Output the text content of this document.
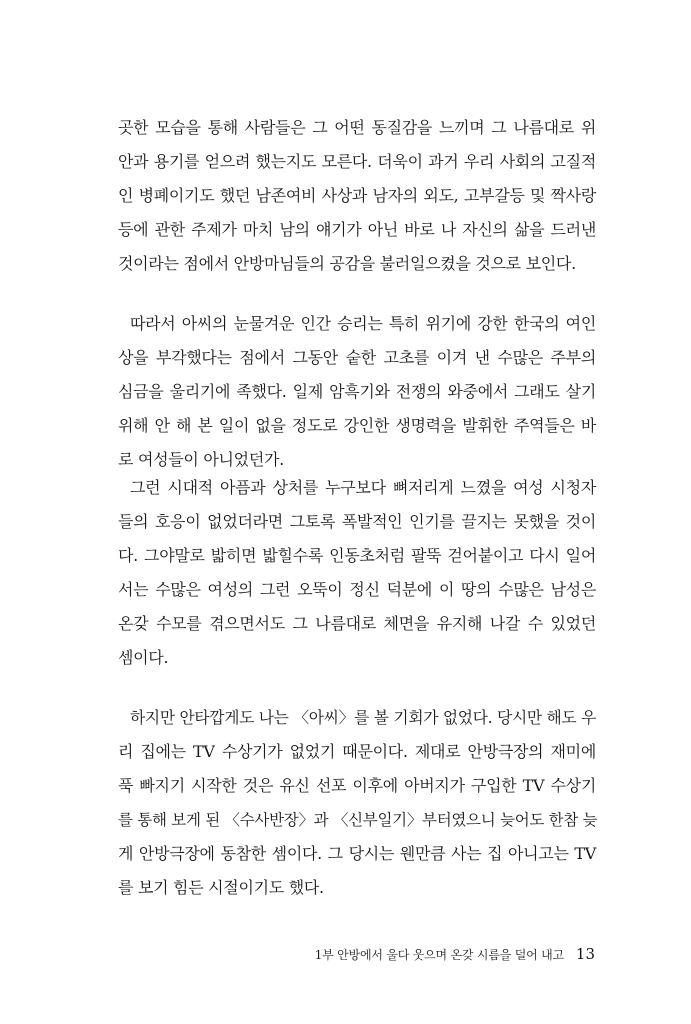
곳한 모습을 통해 사람들은 그 어떤 동질감을 느끼며 그 나름대로 위
안과 용기를 얻으려 했는지도 모른다. 더욱이 과거 우리 사회의 고질적
인 병폐이기도 했던 남존여비 사상과 남자의 외도, 고부갈등 및 짝사랑
등에 관한 주제가 마치 남의 얘기가 아닌 바로 나 자신의 삶을 드러낸
것이라는 점에서 안방마님들의 공감을 불러일으켰을 것으로 보인다.
따라서 아씨의 눈물겨운 인간 승리는 특히 위기에 강한 한국의 여인
상을 부각했다는 점에서 그동안 숱한 고초를 이겨 낸 수많은 주부의
심금을 울리기에 족했다. 일제 암흑기와 전쟁의 와중에서 그래도 살기
위해 안 해 본 일이 없을 정도로 강인한 생명력을 발휘한 주역들은 바
로 여성들이 아니었던가.
그런 시대적 아픔과 상처를 누구보다 뼈저리게 느꼈을 여성 시청자
들의 호응이 없었더라면 그토록 폭발적인 인기를 끌지는 못했을 것이
다. 그야말로 밟히면 밟힐수록 인동초처럼 팔뚝 걷어붙이고 다시 일어
서는 수많은 여성의 그런 오뚝이 정신 덕분에 이 땅의 수많은 남성은
온갖 수모를 겪으면서도 그 나름대로 체면을 유지해 나갈 수 있었던
셈이다.
하지만 안타깝게도 나는 〈아씨〉를 볼 기회가 없었다. 당시만 해도 우
리 집에는 TV 수상기가 없었기 때문이다. 제대로 안방극장의 재미에
푹 빠지기 시작한 것은 유신 선포 이후에 아버지가 구입한 TV 수상기
를 통해 보게 된 〈수사반장〉과 〈신부일기〉부터였으니 늦어도 한참 늦
게 안방극장에 동참한 셈이다. 그 당시는 웬만큼 사는 집 아니고는 TV
를 보기 힘든 시절이기도 했다.
1부 안방에서 울다 웃으며 온갖 시름을 덜어 내고 13
